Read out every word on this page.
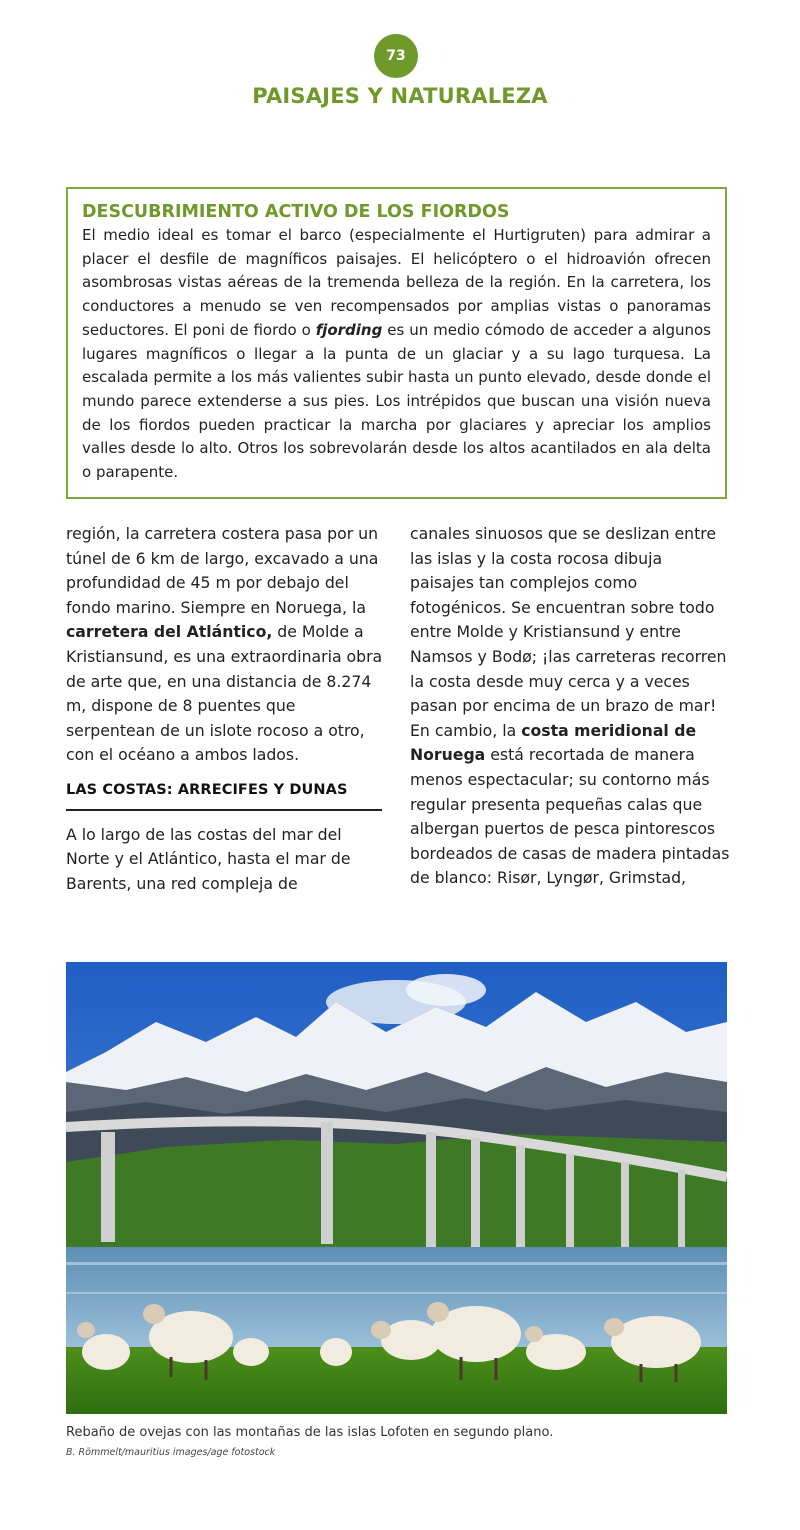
73
PAISAJES Y NATURALEZA
DESCUBRIMIENTO ACTIVO DE LOS FIORDOS
El medio ideal es tomar el barco (especialmente el Hurtigruten) para admirar a placer el desfile de magníficos paisajes. El helicóptero o el hidroavión ofrecen asombrosas vistas aéreas de la tremenda belleza de la región. En la carretera, los conductores a menudo se ven recompensados por amplias vistas o panoramas seductores. El poni de fiordo o fjording es un medio cómodo de acceder a algunos lugares magníficos o llegar a la punta de un glaciar y a su lago turquesa. La escalada permite a los más valientes subir hasta un punto elevado, desde donde el mundo parece extenderse a sus pies. Los intrépidos que buscan una visión nueva de los fiordos pueden practicar la marcha por glaciares y apreciar los amplios valles desde lo alto. Otros los sobrevolarán desde los altos acantilados en ala delta o parapente.

región, la carretera costera pasa por un túnel de 6 km de largo, excavado a una profundidad de 45 m por debajo del fondo marino. Siempre en Noruega, la carretera del Atlántico, de Molde a Kristiansund, es una extraordinaria obra de arte que, en una distancia de 8.274 m, dispone de 8 puentes que serpentean de un islote rocoso a otro, con el océano a ambos lados.

LAS COSTAS: ARRECIFES Y DUNAS

A lo largo de las costas del mar del Norte y el Atlántico, hasta el mar de Barents, una red compleja de

canales sinuosos que se deslizan entre las islas y la costa rocosa dibuja paisajes tan complejos como fotogénicos. Se encuentran sobre todo entre Molde y Kristiansund y entre Namsos y Bodø; ¡las carreteras recorren la costa desde muy cerca y a veces pasan por encima de un brazo de mar!

En cambio, la costa meridional de Noruega está recortada de manera menos espectacular; su contorno más regular presenta pequeñas calas que albergan puertos de pesca pintorescos bordeados de casas de madera pintadas de blanco: Risør, Lyngør, Grimstad,

Rebaño de ovejas con las montañas de las islas Lofoten en segundo plano.
B. Römmelt/mauritius images/age fotostock
